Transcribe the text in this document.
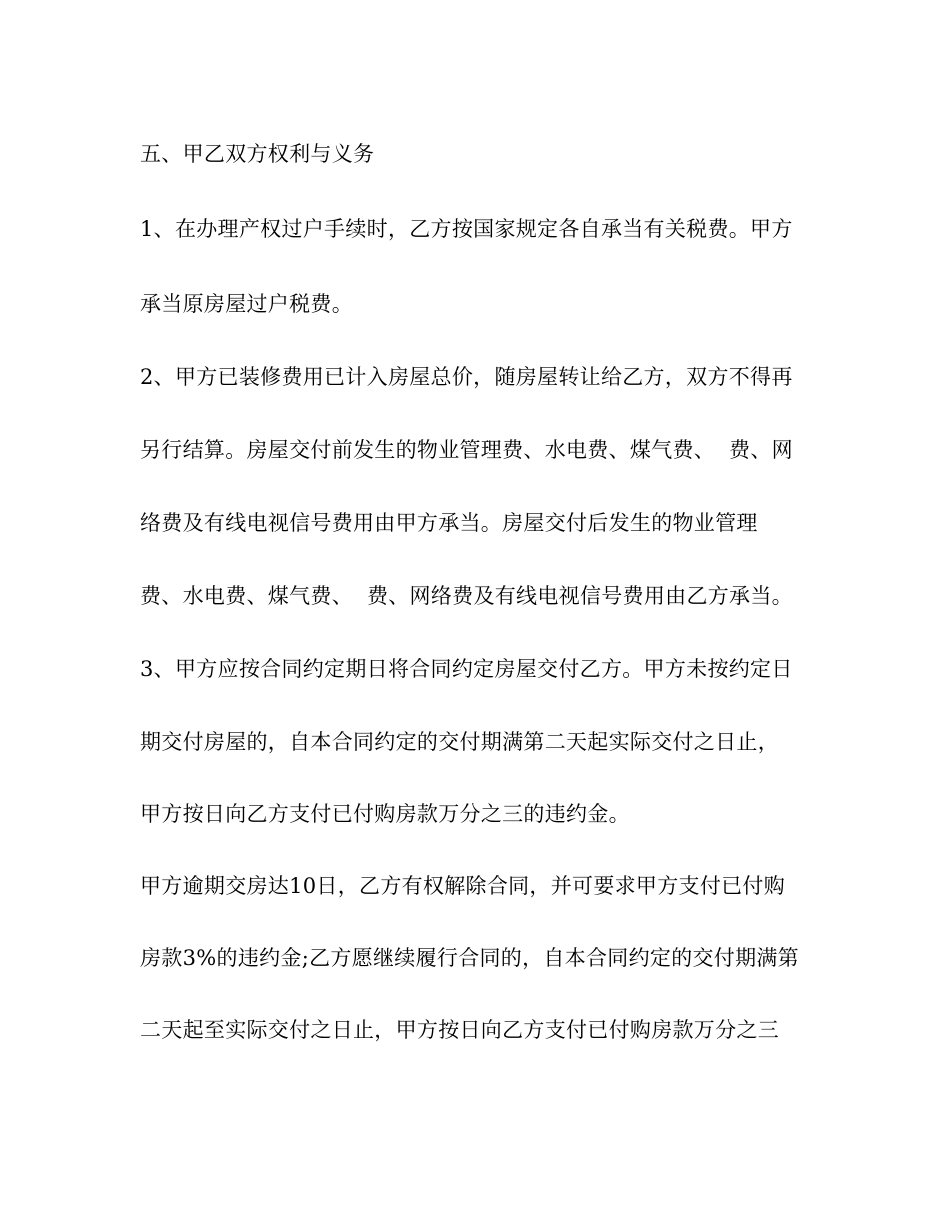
五、甲乙双方权利与义务
1、在办理产权过户手续时，乙方按国家规定各自承当有关税费。甲方
承当原房屋过户税费。
2、甲方已装修费用已计入房屋总价，随房屋转让给乙方，双方不得再
另行结算。房屋交付前发生的物业管理费、水电费、煤气费、  费、网
络费及有线电视信号费用由甲方承当。房屋交付后发生的物业管理
费、水电费、煤气费、  费、网络费及有线电视信号费用由乙方承当。
3、甲方应按合同约定期日将合同约定房屋交付乙方。甲方未按约定日
期交付房屋的，自本合同约定的交付期满第二天起实际交付之日止，
甲方按日向乙方支付已付购房款万分之三的违约金。
甲方逾期交房达10日，乙方有权解除合同，并可要求甲方支付已付购
房款3%的违约金;乙方愿继续履行合同的，自本合同约定的交付期满第
二天起至实际交付之日止，甲方按日向乙方支付已付购房款万分之三
